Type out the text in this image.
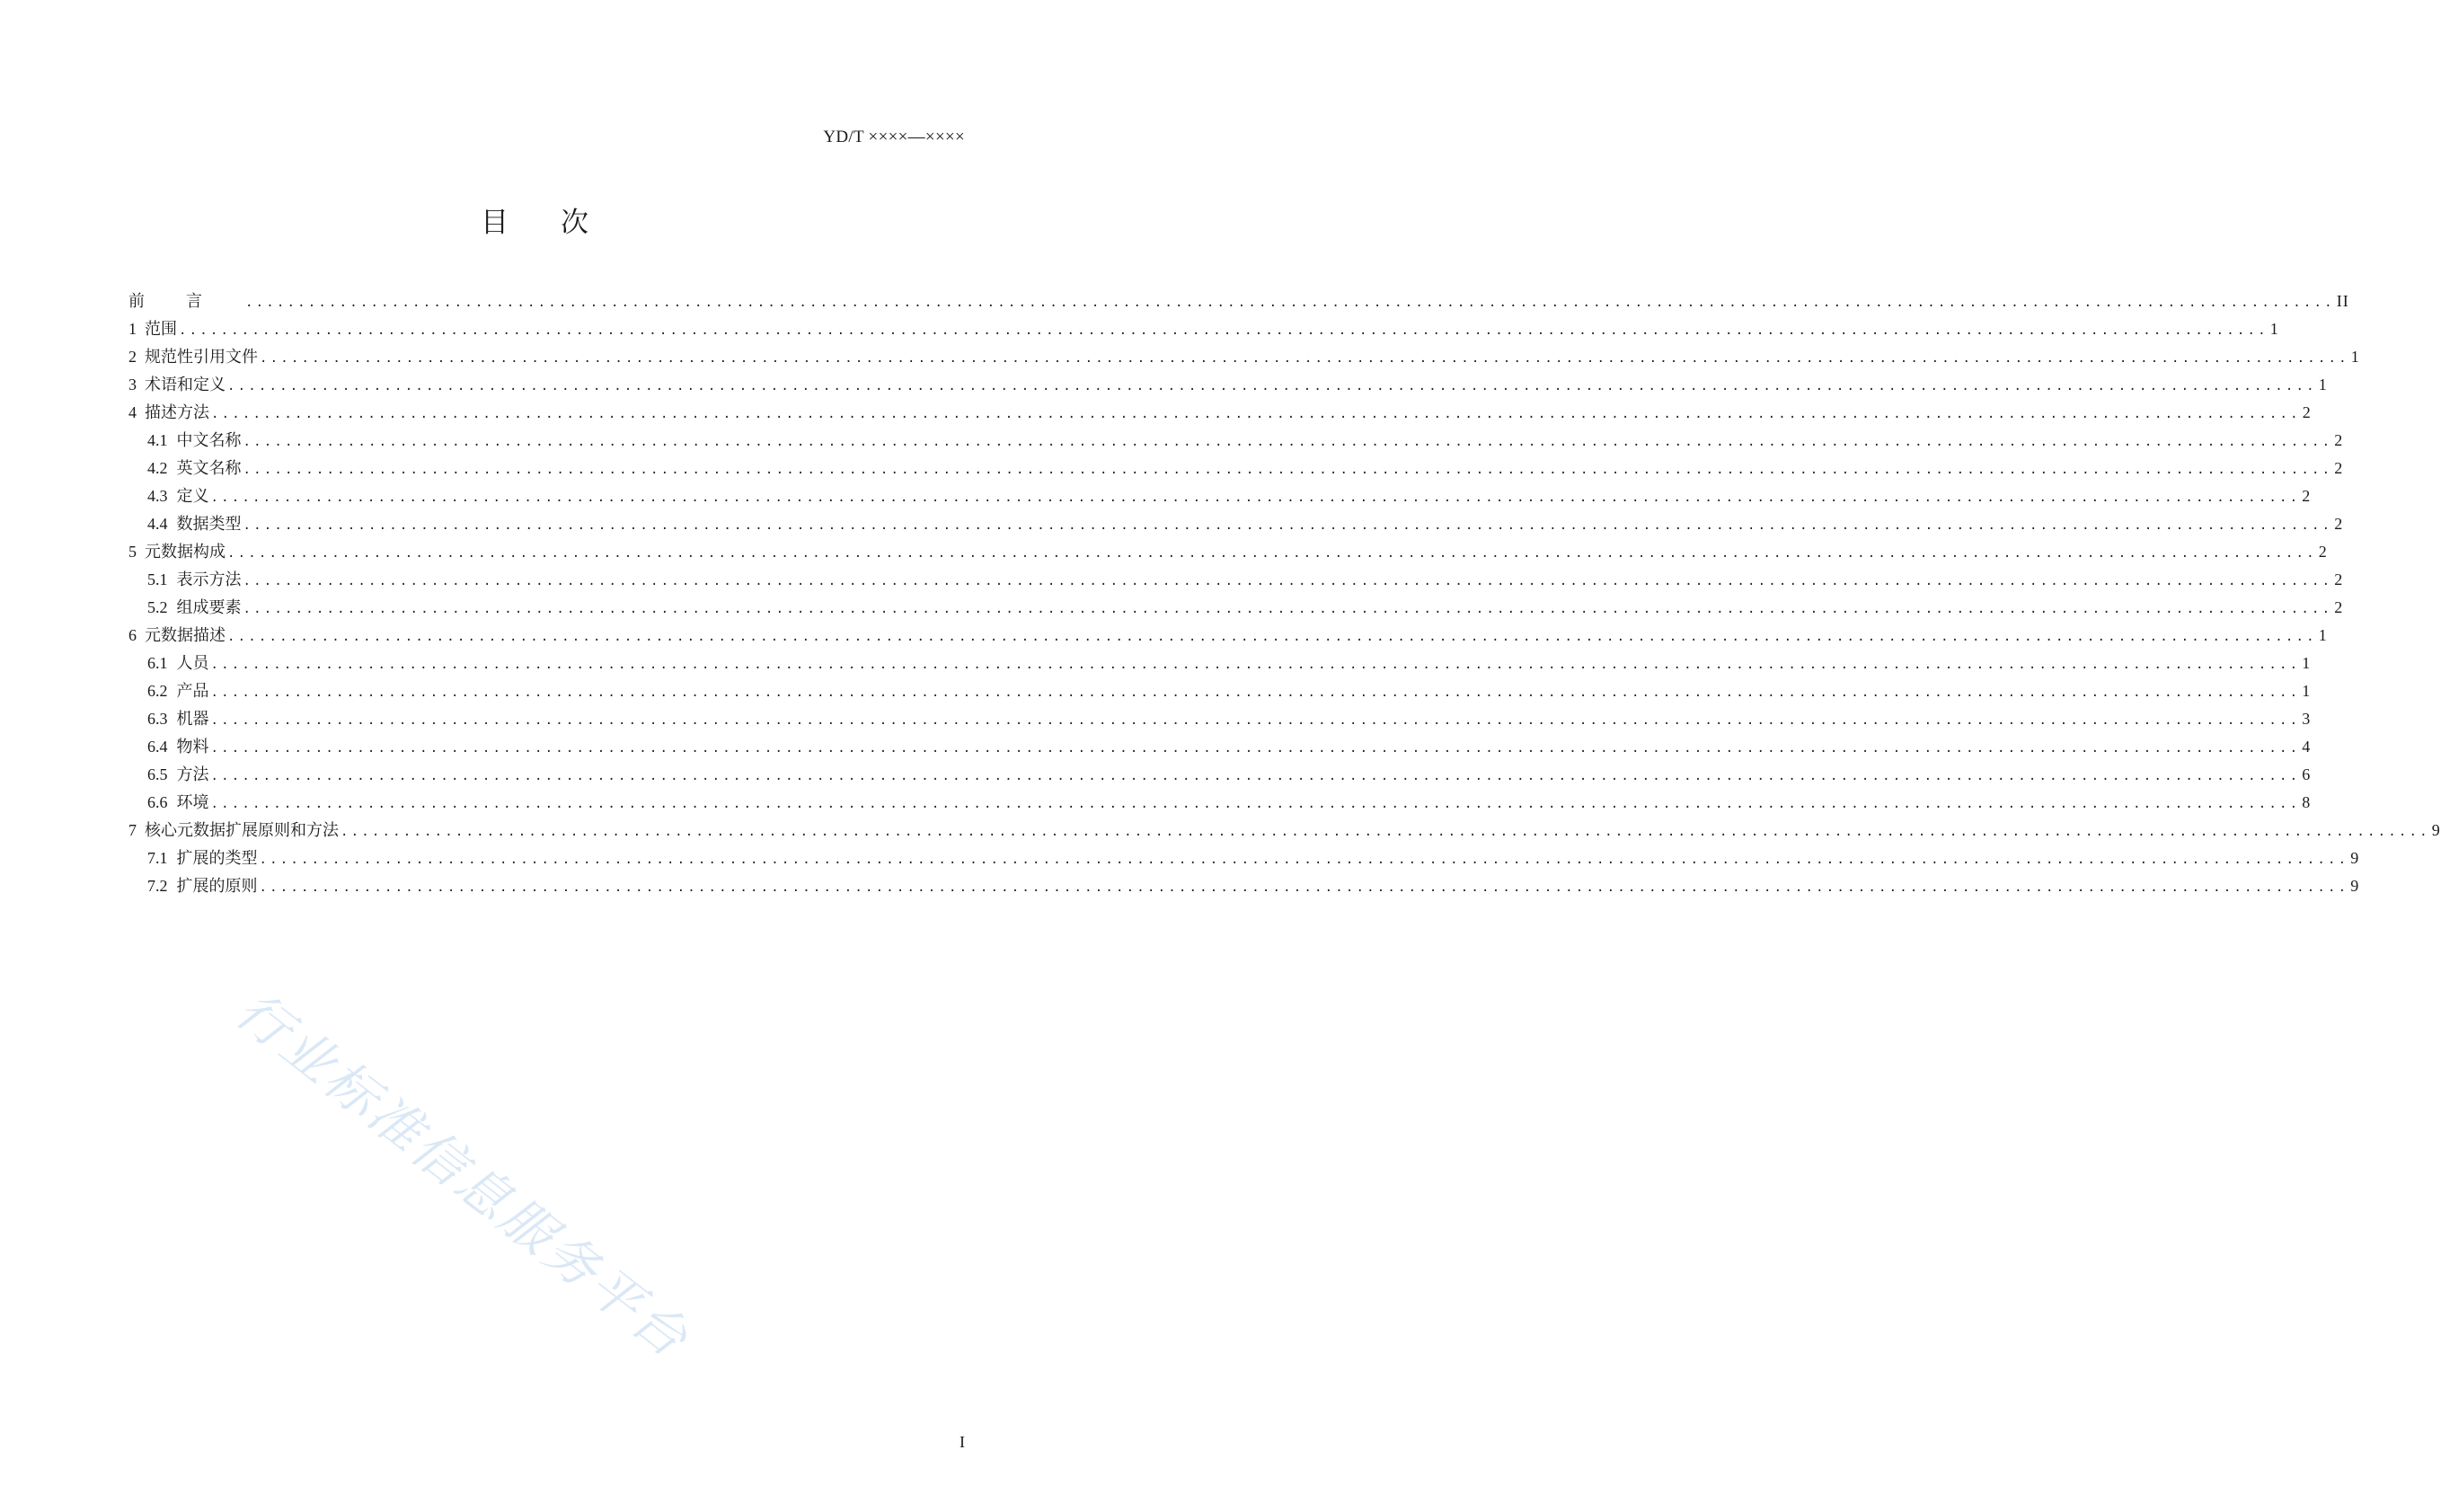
YD/T ××××—××××
目次
前言 ........................................................................................................................................................................................................ II
1 范围 ........................................................................................................................................................................................................ 1
2 规范性引用文件 ........................................................................................................................................................................................................ 1
3 术语和定义 ........................................................................................................................................................................................................ 1
4 描述方法 ........................................................................................................................................................................................................ 2
4.1 中文名称 ........................................................................................................................................................................................................ 2
4.2 英文名称 ........................................................................................................................................................................................................ 2
4.3 定义 ........................................................................................................................................................................................................ 2
4.4 数据类型 ........................................................................................................................................................................................................ 2
5 元数据构成 ........................................................................................................................................................................................................ 2
5.1 表示方法 ........................................................................................................................................................................................................ 2
5.2 组成要素 ........................................................................................................................................................................................................ 2
6 元数据描述 ........................................................................................................................................................................................................ 1
6.1 人员 ........................................................................................................................................................................................................ 1
6.2 产品 ........................................................................................................................................................................................................ 1
6.3 机器 ........................................................................................................................................................................................................ 3
6.4 物料 ........................................................................................................................................................................................................ 4
6.5 方法 ........................................................................................................................................................................................................ 6
6.6 环境 ........................................................................................................................................................................................................ 8
7 核心元数据扩展原则和方法 ........................................................................................................................................................................................................ 9
7.1 扩展的类型 ........................................................................................................................................................................................................ 9
7.2 扩展的原则 ........................................................................................................................................................................................................ 9
行业标准信息服务平台
I
